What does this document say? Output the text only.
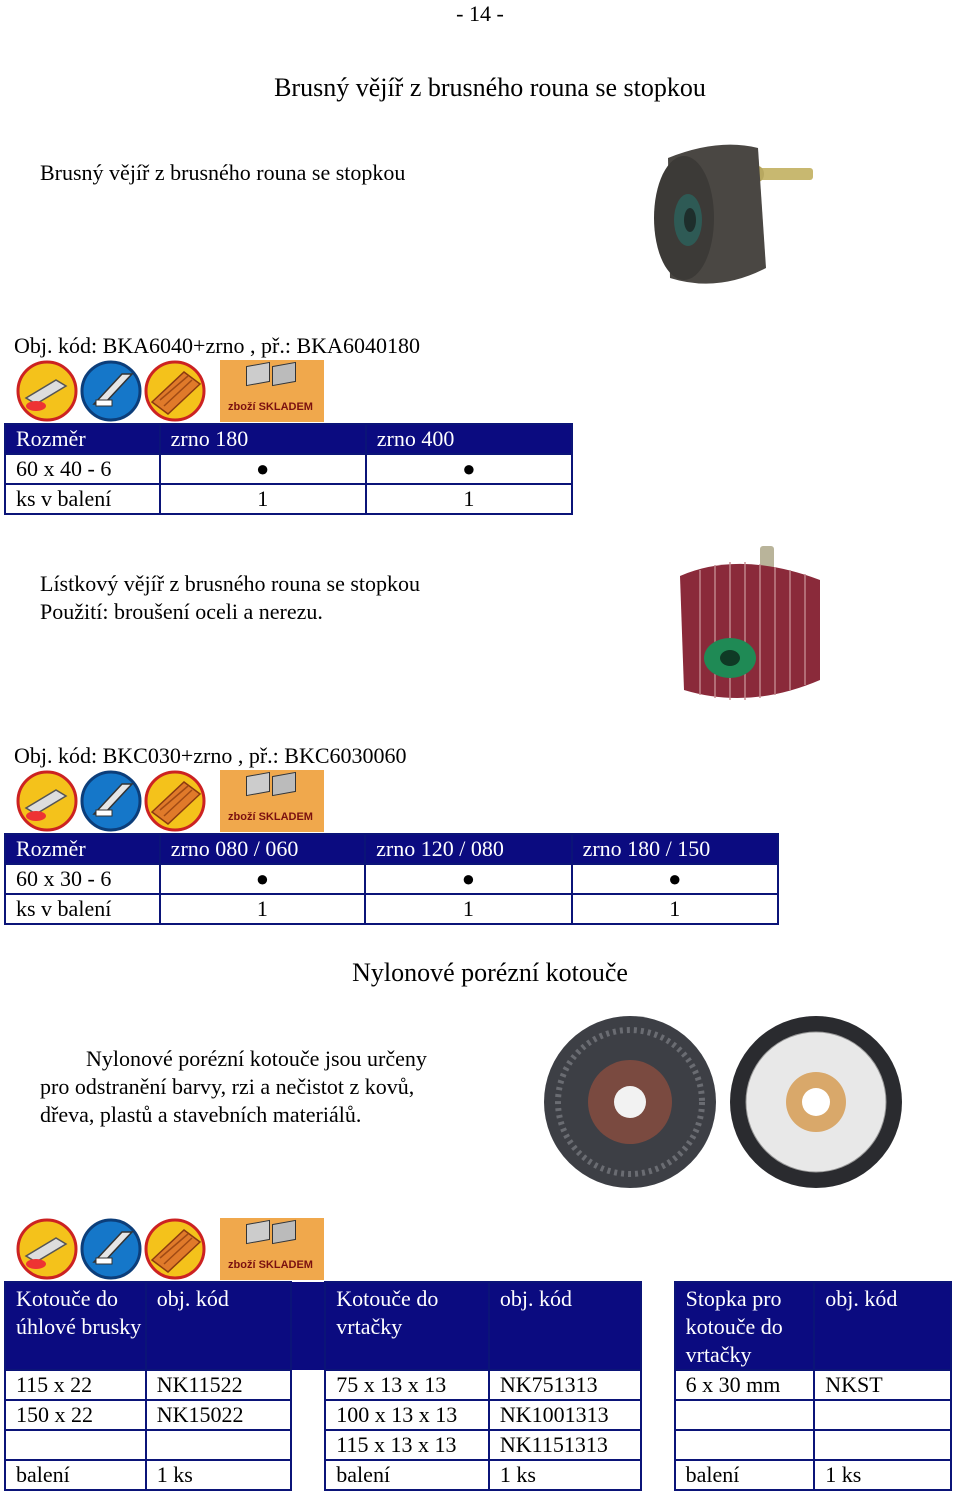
- 14 -
Brusný vějíř z brusného rouna se stopkou
Brusný vějíř z brusného rouna se stopkou
Obj. kód: BKA6040+zrno , př.: BKA6040180
zboží SKLADEM
Rozměr	zrno 180	zrno 400
60 x 40 - 6	●	●
ks v balení	1	1
Lístkový vějíř z brusného rouna se stopkou
Použití: broušení oceli a nerezu.
Obj. kód: BKC030+zrno , př.: BKC6030060
zboží SKLADEM
Rozměr	zrno 080 / 060	zrno 120 / 080	zrno 180 / 150
60 x 30 - 6	●	●	●
ks v balení	1	1	1
Nylonové porézní kotouče
Nylonové porézní kotouče jsou určeny
pro odstranění barvy, rzi a nečistot z kovů,
dřeva, plastů a stavebních materiálů.
zboží SKLADEM
Kotouče do úhlové brusky	obj. kód		Kotouče do vrtačky	obj. kód		Stopka pro kotouče do vrtačky	obj. kód
115 x 22	NK11522		75 x 13 x 13	NK751313		6 x 30 mm	NKST
150 x 22	NK15022		100 x 13 x 13	NK1001313			
			115 x 13 x 13	NK1151313			
balení	1 ks		balení	1 ks		balení	1 ks
